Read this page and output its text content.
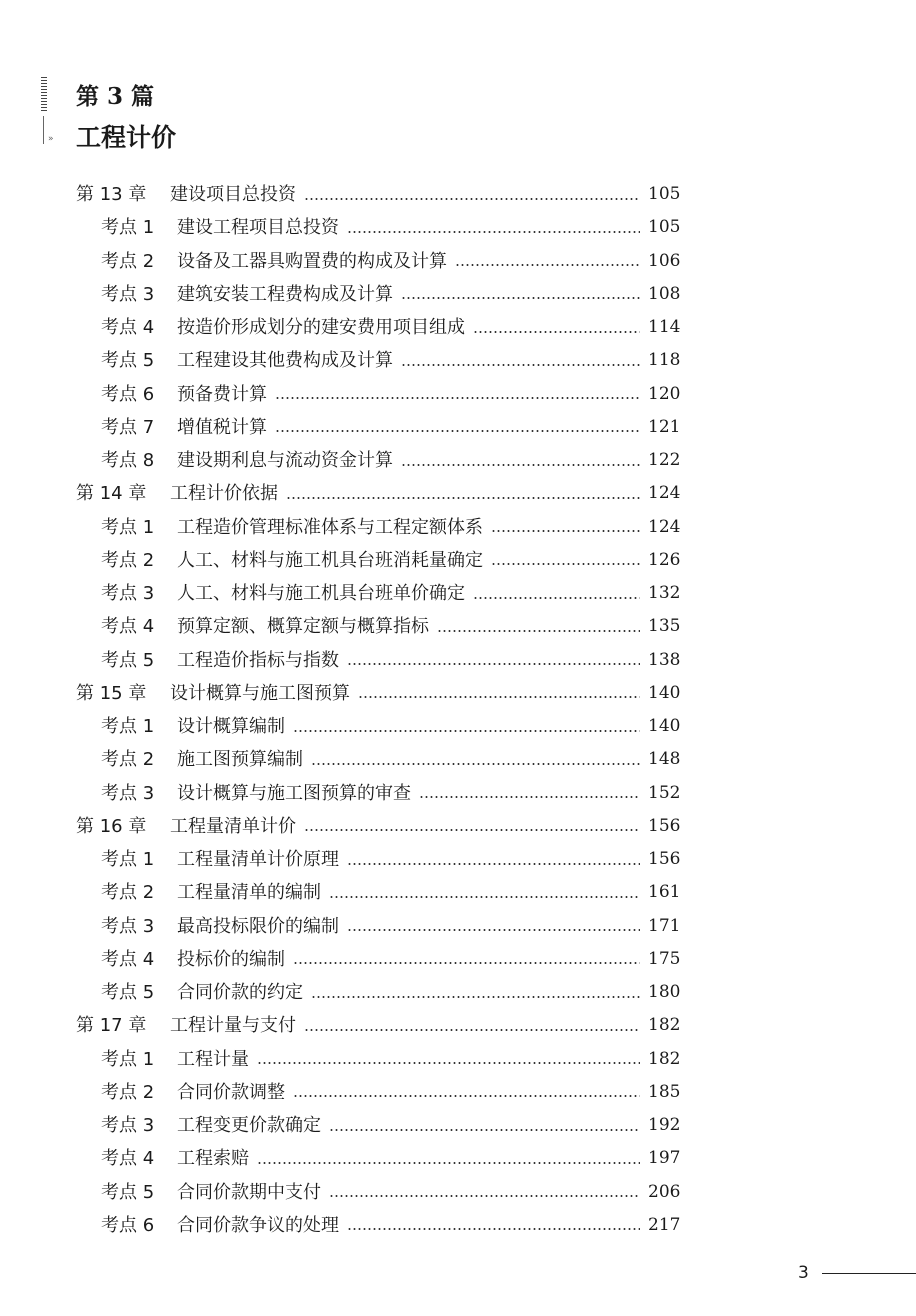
»
第 3 篇
工程计价
第 13 章	建设项目总投资	105
考点 1	建设工程项目总投资	105
考点 2	设备及工器具购置费的构成及计算	106
考点 3	建筑安装工程费构成及计算	108
考点 4	按造价形成划分的建安费用项目组成	114
考点 5	工程建设其他费构成及计算	118
考点 6	预备费计算	120
考点 7	增值税计算	121
考点 8	建设期利息与流动资金计算	122
第 14 章	工程计价依据	124
考点 1	工程造价管理标准体系与工程定额体系	124
考点 2	人工、材料与施工机具台班消耗量确定	126
考点 3	人工、材料与施工机具台班单价确定	132
考点 4	预算定额、概算定额与概算指标	135
考点 5	工程造价指标与指数	138
第 15 章	设计概算与施工图预算	140
考点 1	设计概算编制	140
考点 2	施工图预算编制	148
考点 3	设计概算与施工图预算的审查	152
第 16 章	工程量清单计价	156
考点 1	工程量清单计价原理	156
考点 2	工程量清单的编制	161
考点 3	最高投标限价的编制	171
考点 4	投标价的编制	175
考点 5	合同价款的约定	180
第 17 章	工程计量与支付	182
考点 1	工程计量	182
考点 2	合同价款调整	185
考点 3	工程变更价款确定	192
考点 4	工程索赔	197
考点 5	合同价款期中支付	206
考点 6	合同价款争议的处理	217
3
